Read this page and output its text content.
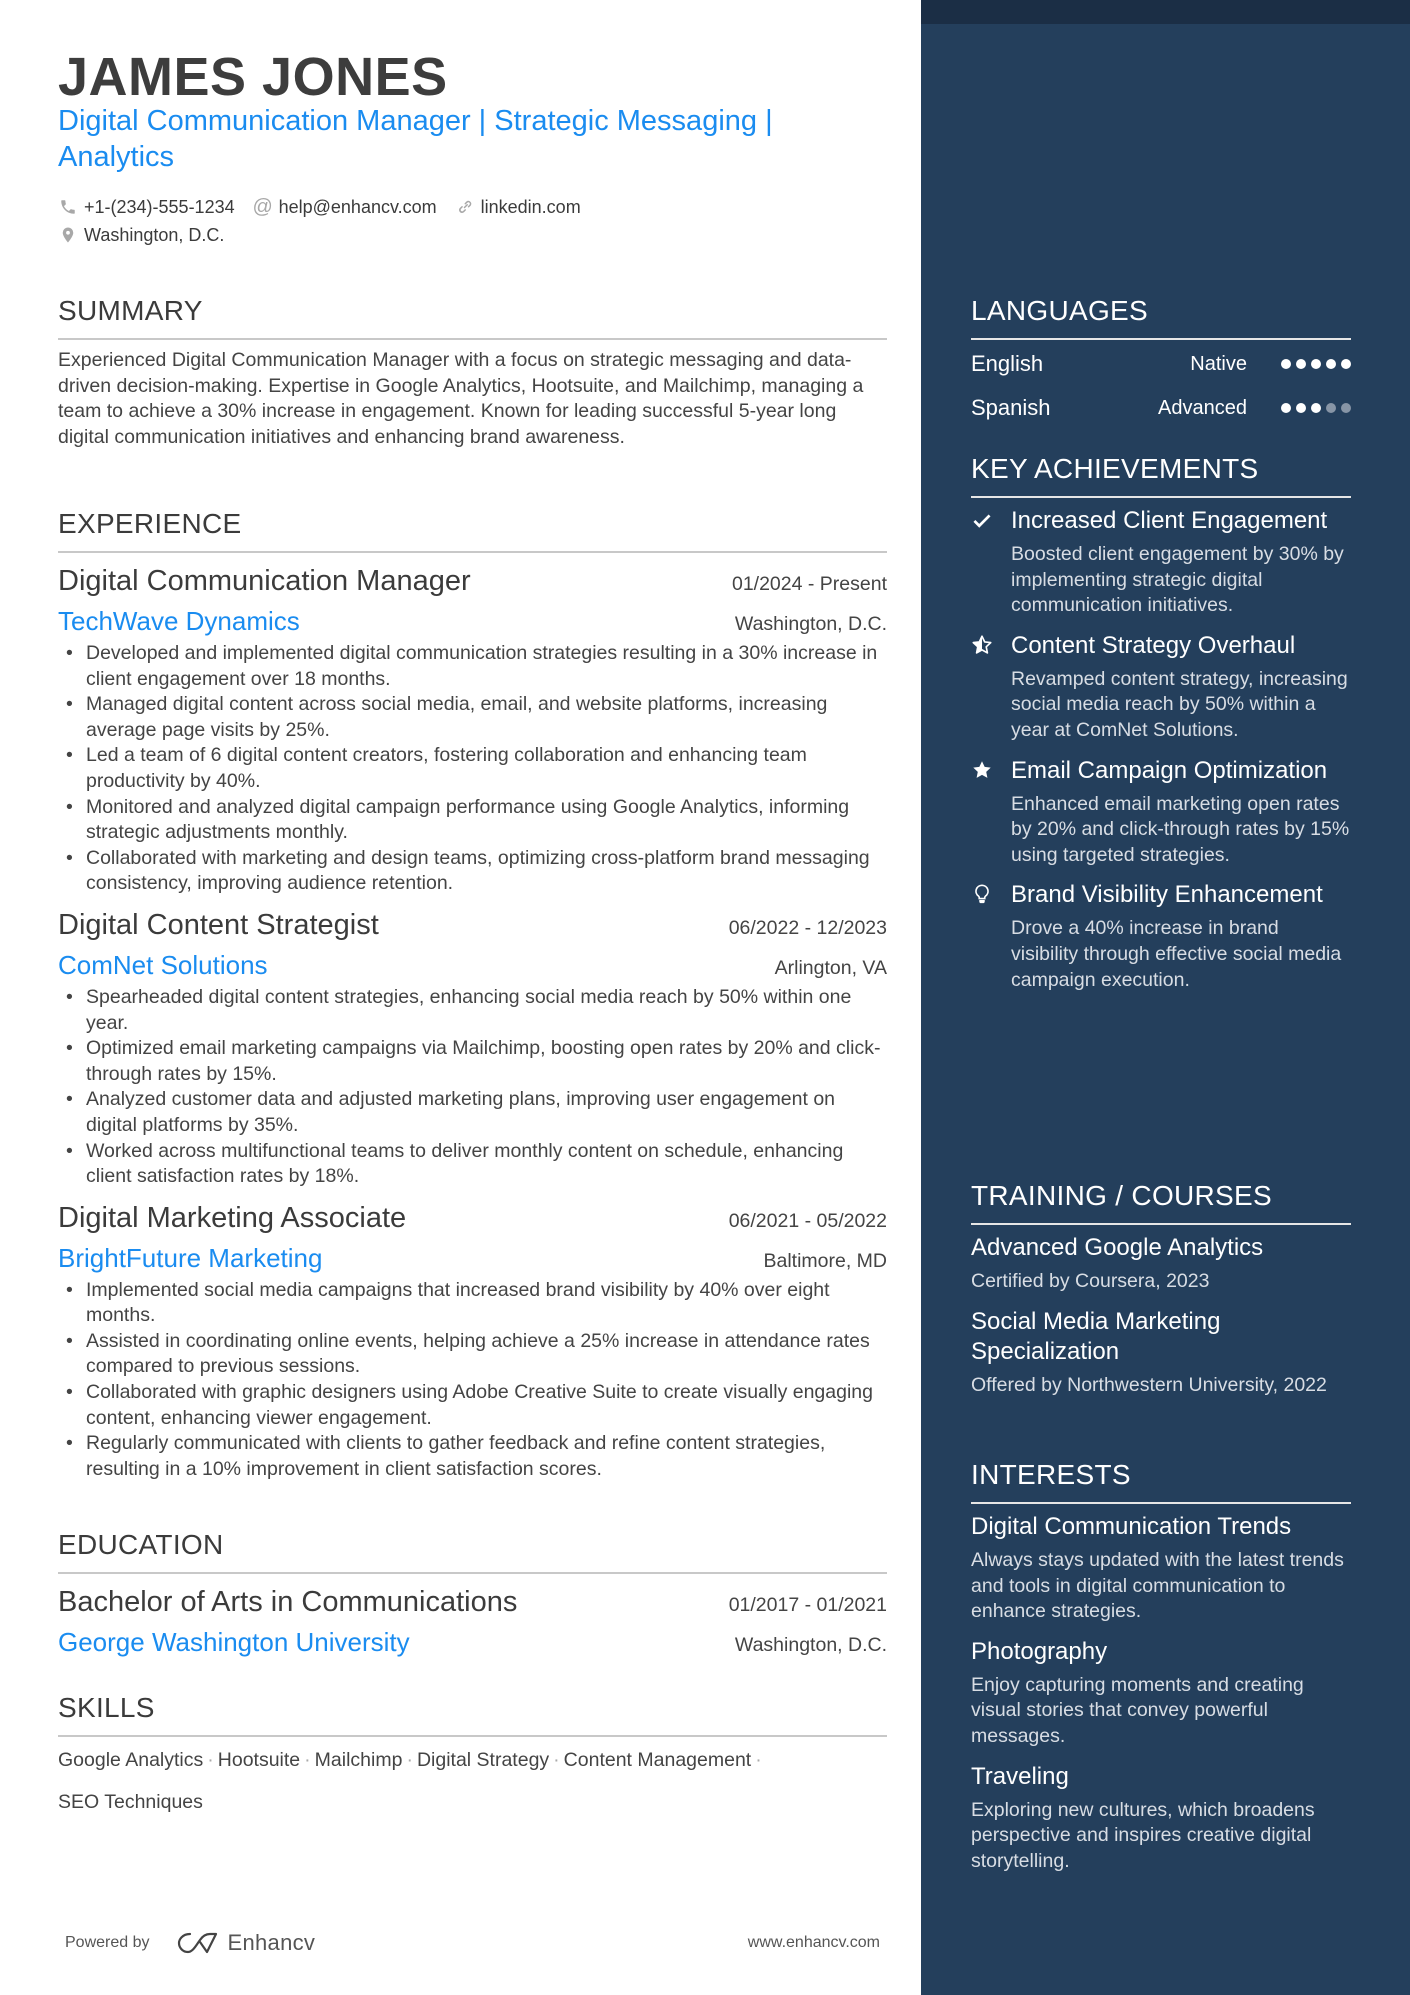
JAMES JONES
Digital Communication Manager | Strategic Messaging | Analytics
+1-(234)-555-1234 @ help@enhancv.com linkedin.com
Washington, D.C.
SUMMARY
Experienced Digital Communication Manager with a focus on strategic messaging and data-driven decision-making. Expertise in Google Analytics, Hootsuite, and Mailchimp, managing a team to achieve a 30% increase in engagement. Known for leading successful 5-year long digital communication initiatives and enhancing brand awareness.
EXPERIENCE
Digital Communication Manager	01/2024 - Present
TechWave Dynamics	Washington, D.C.
• Developed and implemented digital communication strategies resulting in a 30% increase in client engagement over 18 months.
• Managed digital content across social media, email, and website platforms, increasing average page visits by 25%.
• Led a team of 6 digital content creators, fostering collaboration and enhancing team productivity by 40%.
• Monitored and analyzed digital campaign performance using Google Analytics, informing strategic adjustments monthly.
• Collaborated with marketing and design teams, optimizing cross-platform brand messaging consistency, improving audience retention.
Digital Content Strategist	06/2022 - 12/2023
ComNet Solutions	Arlington, VA
• Spearheaded digital content strategies, enhancing social media reach by 50% within one year.
• Optimized email marketing campaigns via Mailchimp, boosting open rates by 20% and click-through rates by 15%.
• Analyzed customer data and adjusted marketing plans, improving user engagement on digital platforms by 35%.
• Worked across multifunctional teams to deliver monthly content on schedule, enhancing client satisfaction rates by 18%.
Digital Marketing Associate	06/2021 - 05/2022
BrightFuture Marketing	Baltimore, MD
• Implemented social media campaigns that increased brand visibility by 40% over eight months.
• Assisted in coordinating online events, helping achieve a 25% increase in attendance rates compared to previous sessions.
• Collaborated with graphic designers using Adobe Creative Suite to create visually engaging content, enhancing viewer engagement.
• Regularly communicated with clients to gather feedback and refine content strategies, resulting in a 10% improvement in client satisfaction scores.
EDUCATION
Bachelor of Arts in Communications	01/2017 - 01/2021
George Washington University	Washington, D.C.
SKILLS
Google Analytics · Hootsuite · Mailchimp · Digital Strategy · Content Management ·
SEO Techniques
Powered by	Enhancv	www.enhancv.com
LANGUAGES
English	Native
Spanish	Advanced
KEY ACHIEVEMENTS
Increased Client Engagement
Boosted client engagement by 30% by implementing strategic digital communication initiatives.
Content Strategy Overhaul
Revamped content strategy, increasing social media reach by 50% within a year at ComNet Solutions.
Email Campaign Optimization
Enhanced email marketing open rates by 20% and click-through rates by 15% using targeted strategies.
Brand Visibility Enhancement
Drove a 40% increase in brand visibility through effective social media campaign execution.
TRAINING / COURSES
Advanced Google Analytics
Certified by Coursera, 2023
Social Media Marketing Specialization
Offered by Northwestern University, 2022
INTERESTS
Digital Communication Trends
Always stays updated with the latest trends and tools in digital communication to enhance strategies.
Photography
Enjoy capturing moments and creating visual stories that convey powerful messages.
Traveling
Exploring new cultures, which broadens perspective and inspires creative digital storytelling.
